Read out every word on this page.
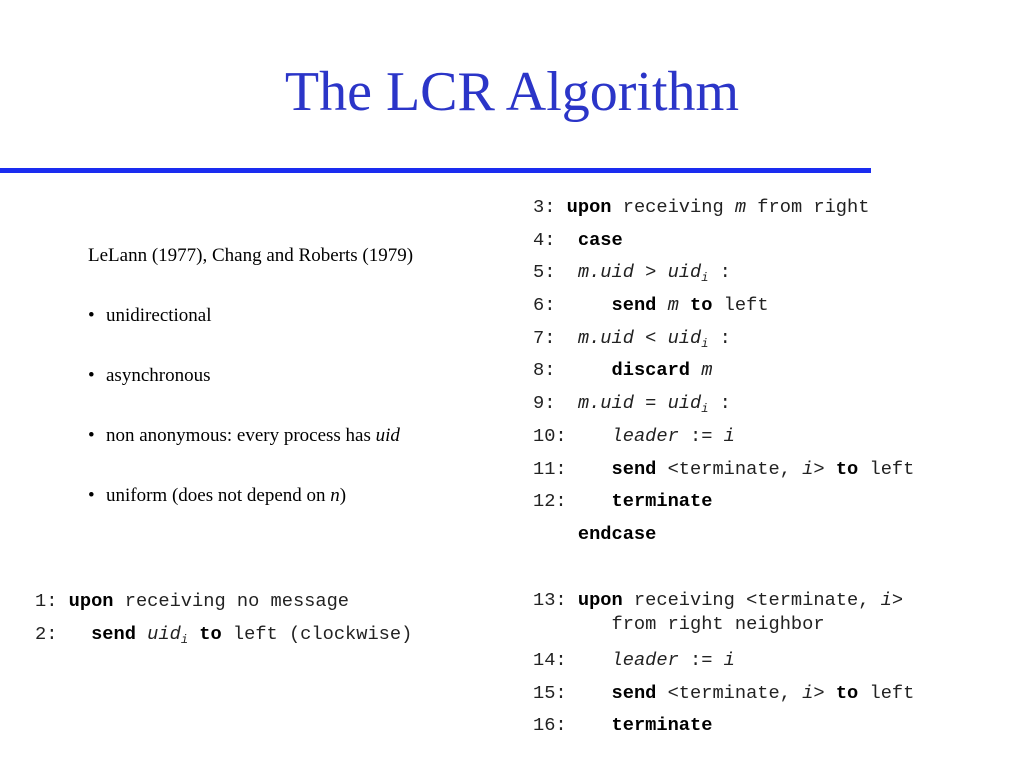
The LCR Algorithm
LeLann (1977), Chang and Roberts (1979)
• unidirectional
• asynchronous
• non anonymous: every process has uid
• uniform (does not depend on n)
1: upon receiving no message
2:   send uid$_i$ to left (clockwise)
3: upon receiving m from right
4:  case
5:  m.uid > uid$_i$ :
6:     send m to left
7:  m.uid < uid$_i$ :
8:     discard m
9:  m.uid = uid$_i$ :
10:    leader := i
11:    send <terminate, i> to left
12:    terminate
endcase
13: upon receiving <terminate, i>
from right neighbor
14:    leader := i
15:    send <terminate, i> to left
16:    terminate
